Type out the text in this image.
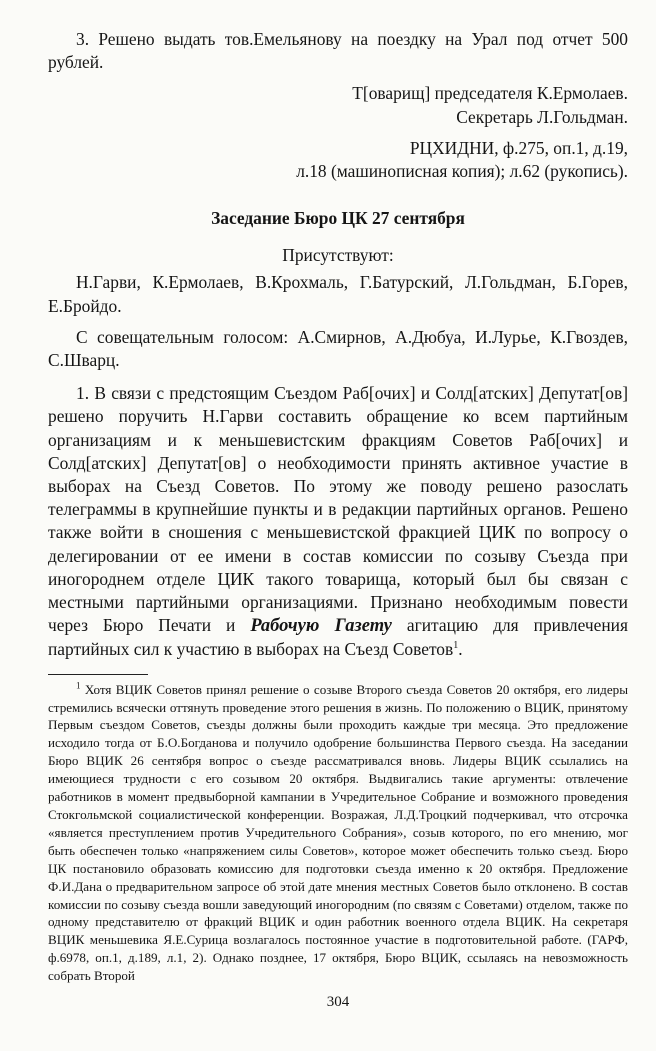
3. Решено выдать тов.Емельянову на поездку на Урал под отчет 500 рублей.

Т[оварищ] председателя К.Ермолаев.

Секретарь Л.Гольдман.

РЦХИДНИ, ф.275, оп.1, д.19,

л.18 (машинописная копия); л.62 (рукопись).

Заседание Бюро ЦК 27 сентября

Присутствуют:

Н.Гарви, К.Ермолаев, В.Крохмаль, Г.Батурский, Л.Гольдман, Б.Горев, Е.Бройдо.

С совещательным голосом: А.Смирнов, А.Дюбуа, И.Лурье, К.Гвоздев, С.Шварц.

1. В связи с предстоящим Съездом Раб[очих] и Солд[атских] Депутат[ов] решено поручить Н.Гарви составить обращение ко всем партийным организациям и к меньшевистским фракциям Советов Раб[очих] и Солд[атских] Депутат[ов] о необходимости принять активное участие в выборах на Съезд Советов. По этому же поводу решено разослать телеграммы в крупнейшие пункты и в редакции партийных органов. Решено также войти в сношения с меньшевистской фракцией ЦИК по вопросу о делегировании от ее имени в состав комиссии по созыву Съезда при иногороднем отделе ЦИК такого товарища, который был бы связан с местными партийными организациями. Признано необходимым повести через Бюро Печати и Рабочую Газету агитацию для привлечения партийных сил к участию в выборах на Съезд Советов$^1$.

$^1$ Хотя ВЦИК Советов принял решение о созыве Второго съезда Советов 20 октября, его лидеры стремились всячески оттянуть проведение этого решения в жизнь. По положению о ВЦИК, принятому Первым съездом Советов, съезды должны были проходить каждые три месяца. Это предложение исходило тогда от Б.О.Богданова и получило одобрение большинства Первого съезда. На заседании Бюро ВЦИК 26 сентября вопрос о съезде рассматривался вновь. Лидеры ВЦИК ссылались на имеющиеся трудности с его созывом 20 октября. Выдвигались такие аргументы: отвлечение работников в момент предвыборной кампании в Учредительное Собрание и возможного проведения Стокгольмской социалистической конференции. Возражая, Л.Д.Троцкий подчеркивал, что отсрочка «является преступлением против Учредительного Собрания», созыв которого, по его мнению, мог быть обеспечен только «напряжением силы Советов», которое может обеспечить только съезд. Бюро ЦК постановило образовать комиссию для подготовки съезда именно к 20 октября. Предложение Ф.И.Дана о предварительном запросе об этой дате мнения местных Советов было отклонено. В состав комиссии по созыву съезда вошли заведующий иногородним (по связям с Советами) отделом, также по одному представителю от фракций ВЦИК и один работник военного отдела ВЦИК. На секретаря ВЦИК меньшевика Я.Е.Сурица возлагалось постоянное участие в подготовительной работе. (ГАРФ, ф.6978, оп.1, д.189, л.1, 2). Однако позднее, 17 октября, Бюро ВЦИК, ссылаясь на невозможность собрать Второй

304
